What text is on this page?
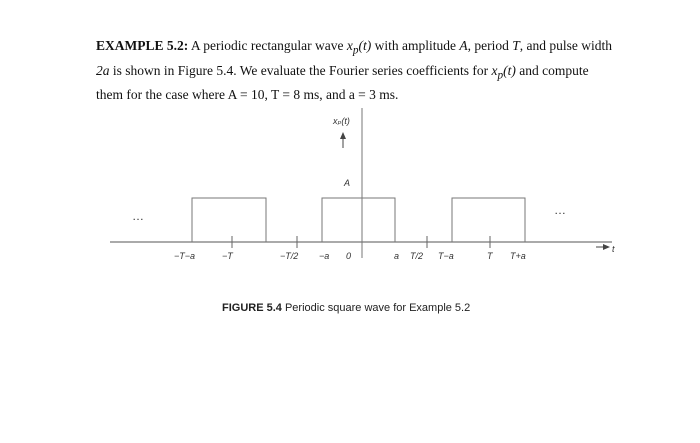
EXAMPLE 5.2: A periodic rectangular wave $x_p(t)$ with amplitude A, period T, and pulse width 2a is shown in Figure 5.4. We evaluate the Fourier series coefficients for $x_p(t)$ and compute them for the case where A = 10, T = 8 ms, and a = 3 ms.
xₚ(t)
A
…	…
t
−T−a	−T	−T/2 −a 0	a T/2 T−a	T T+a
FIGURE 5.4 Periodic square wave for Example 5.2
